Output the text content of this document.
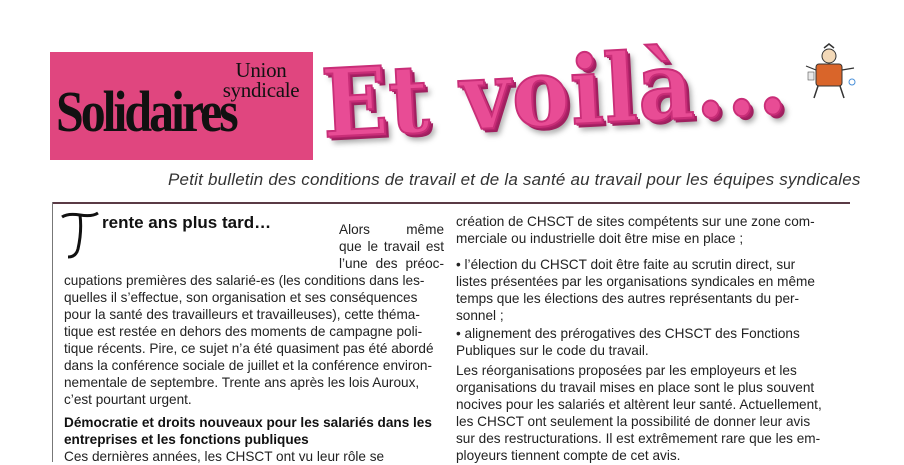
Union
syndicale
Solidaires Et voilà...
Petit bulletin des conditions de travail et de la santé au travail pour les équipes syndicales
rente ans plus tard…	Alors même
que le travail est
l’une des préoc-
cupations premières des salarié-es (les conditions dans les-
quelles il s’effectue, son organisation et ses conséquences
pour la santé des travailleurs et travailleuses), cette théma-
tique est restée en dehors des moments de campagne poli-
tique récents. Pire, ce sujet n’a été quasiment pas été abordé
dans la conférence sociale de juillet et la conférence environ-
nementale de septembre. Trente ans après les lois Auroux,
c’est pourtant urgent.
Démocratie et droits nouveaux pour les salariés dans les
entreprises et les fonctions publiques
Ces dernières années, les CHSCT ont vu leur rôle se
création de CHSCT de sites compétents sur une zone com-
merciale ou industrielle doit être mise en place ;
• l’élection du CHSCT doit être faite au scrutin direct, sur
listes présentées par les organisations syndicales en même
temps que les élections des autres représentants du per-
sonnel ;
• alignement des prérogatives des CHSCT des Fonctions
Publiques sur le code du travail.
Les réorganisations proposées par les employeurs et les
organisations du travail mises en place sont le plus souvent
nocives pour les salariés et altèrent leur santé. Actuellement,
les CHSCT ont seulement la possibilité de donner leur avis
sur des restructurations. Il est extrêmement rare que les em-
ployeurs tiennent compte de cet avis.
